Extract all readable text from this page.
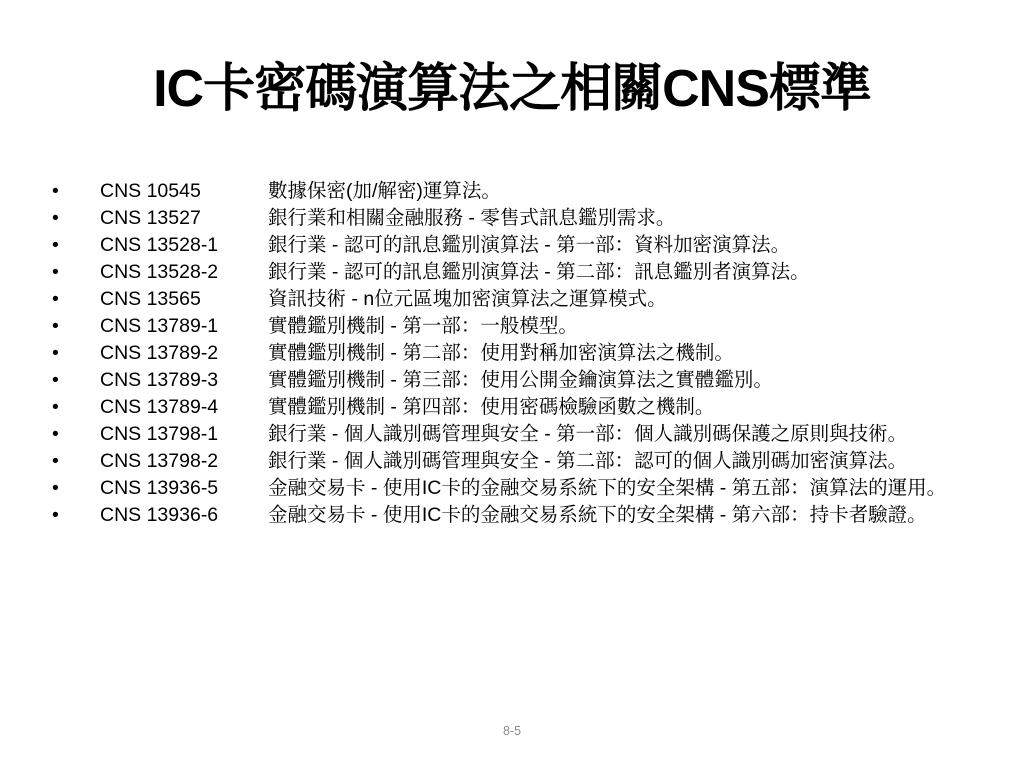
IC卡密碼演算法之相關CNS標準
•	CNS 10545	數據保密(加/解密)運算法。
•	CNS 13527	銀行業和相關金融服務 - 零售式訊息鑑別需求。
•	CNS 13528-1	銀行業 - 認可的訊息鑑別演算法 - 第一部：資料加密演算法。
•	CNS 13528-2	銀行業 - 認可的訊息鑑別演算法 - 第二部：訊息鑑別者演算法。
•	CNS 13565	資訊技術 - n位元區塊加密演算法之運算模式。
•	CNS 13789-1	實體鑑別機制 - 第一部：一般模型。
•	CNS 13789-2	實體鑑別機制 - 第二部：使用對稱加密演算法之機制。
•	CNS 13789-3	實體鑑別機制 - 第三部：使用公開金鑰演算法之實體鑑別。
•	CNS 13789-4	實體鑑別機制 - 第四部：使用密碼檢驗函數之機制。
•	CNS 13798-1	銀行業 - 個人識別碼管理與安全 - 第一部：個人識別碼保護之原則與技術。
•	CNS 13798-2	銀行業 - 個人識別碼管理與安全 - 第二部：認可的個人識別碼加密演算法。
•	CNS 13936-5	金融交易卡 - 使用IC卡的金融交易系統下的安全架構 - 第五部：演算法的運用。
•	CNS 13936-6	金融交易卡 - 使用IC卡的金融交易系統下的安全架構 - 第六部：持卡者驗證。
8-5
